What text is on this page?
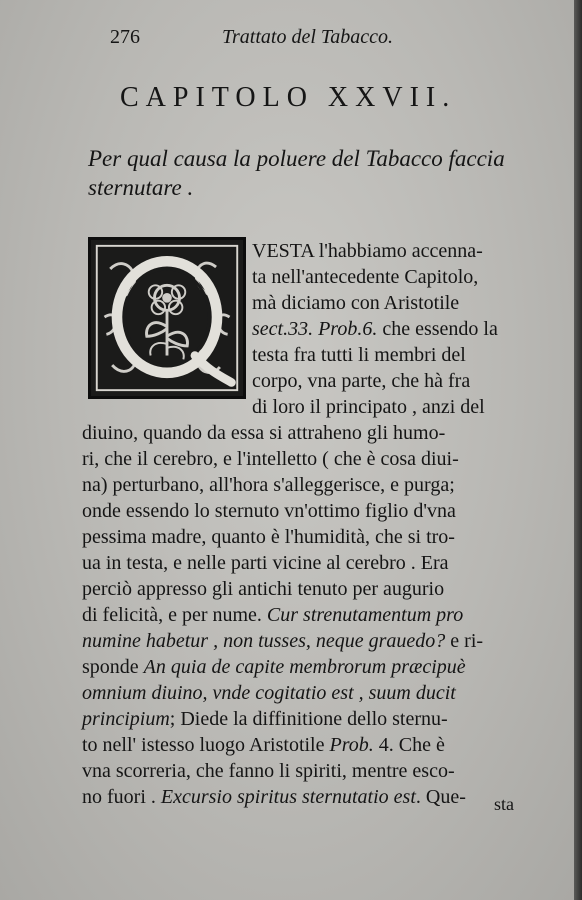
276	Trattato del Tabacco.
CAPITOLO XXVII.
Per qual causa la poluere del Tabacco faccia
sternutare .
VESTA l'habbiamo accenna-
ta nell'antecedente Capitolo,
mà diciamo con Aristotile
sect.33. Prob.6. che essendo la
testa fra tutti li membri del
corpo, vna parte, che hà fra
di loro il principato , anzi del
diuino, quando da essa si attraheno gli humo-
ri, che il cerebro, e l'intelletto ( che è cosa diui-
na) perturbano, all'hora s'alleggerisce, e purga;
onde essendo lo sternuto vn'ottimo figlio d'vna
pessima madre, quanto è l'humidità, che si tro-
ua in testa, e nelle parti vicine al cerebro . Era
perciò appresso gli antichi tenuto per augurio
di felicità, e per nume. Cur strenutamentum pro
numine habetur , non tusses, neque grauedo? e ri-
sponde An quia de capite membrorum præcipuè
omnium diuino, vnde cogitatio est , suum ducit
principium; Diede la diffinitione dello sternu-
to nell' istesso luogo Aristotile Prob. 4. Che è
vna scorreria, che fanno li spiriti, mentre esco-
no fuori . Excursio spiritus sternutatio est. Que- sta
